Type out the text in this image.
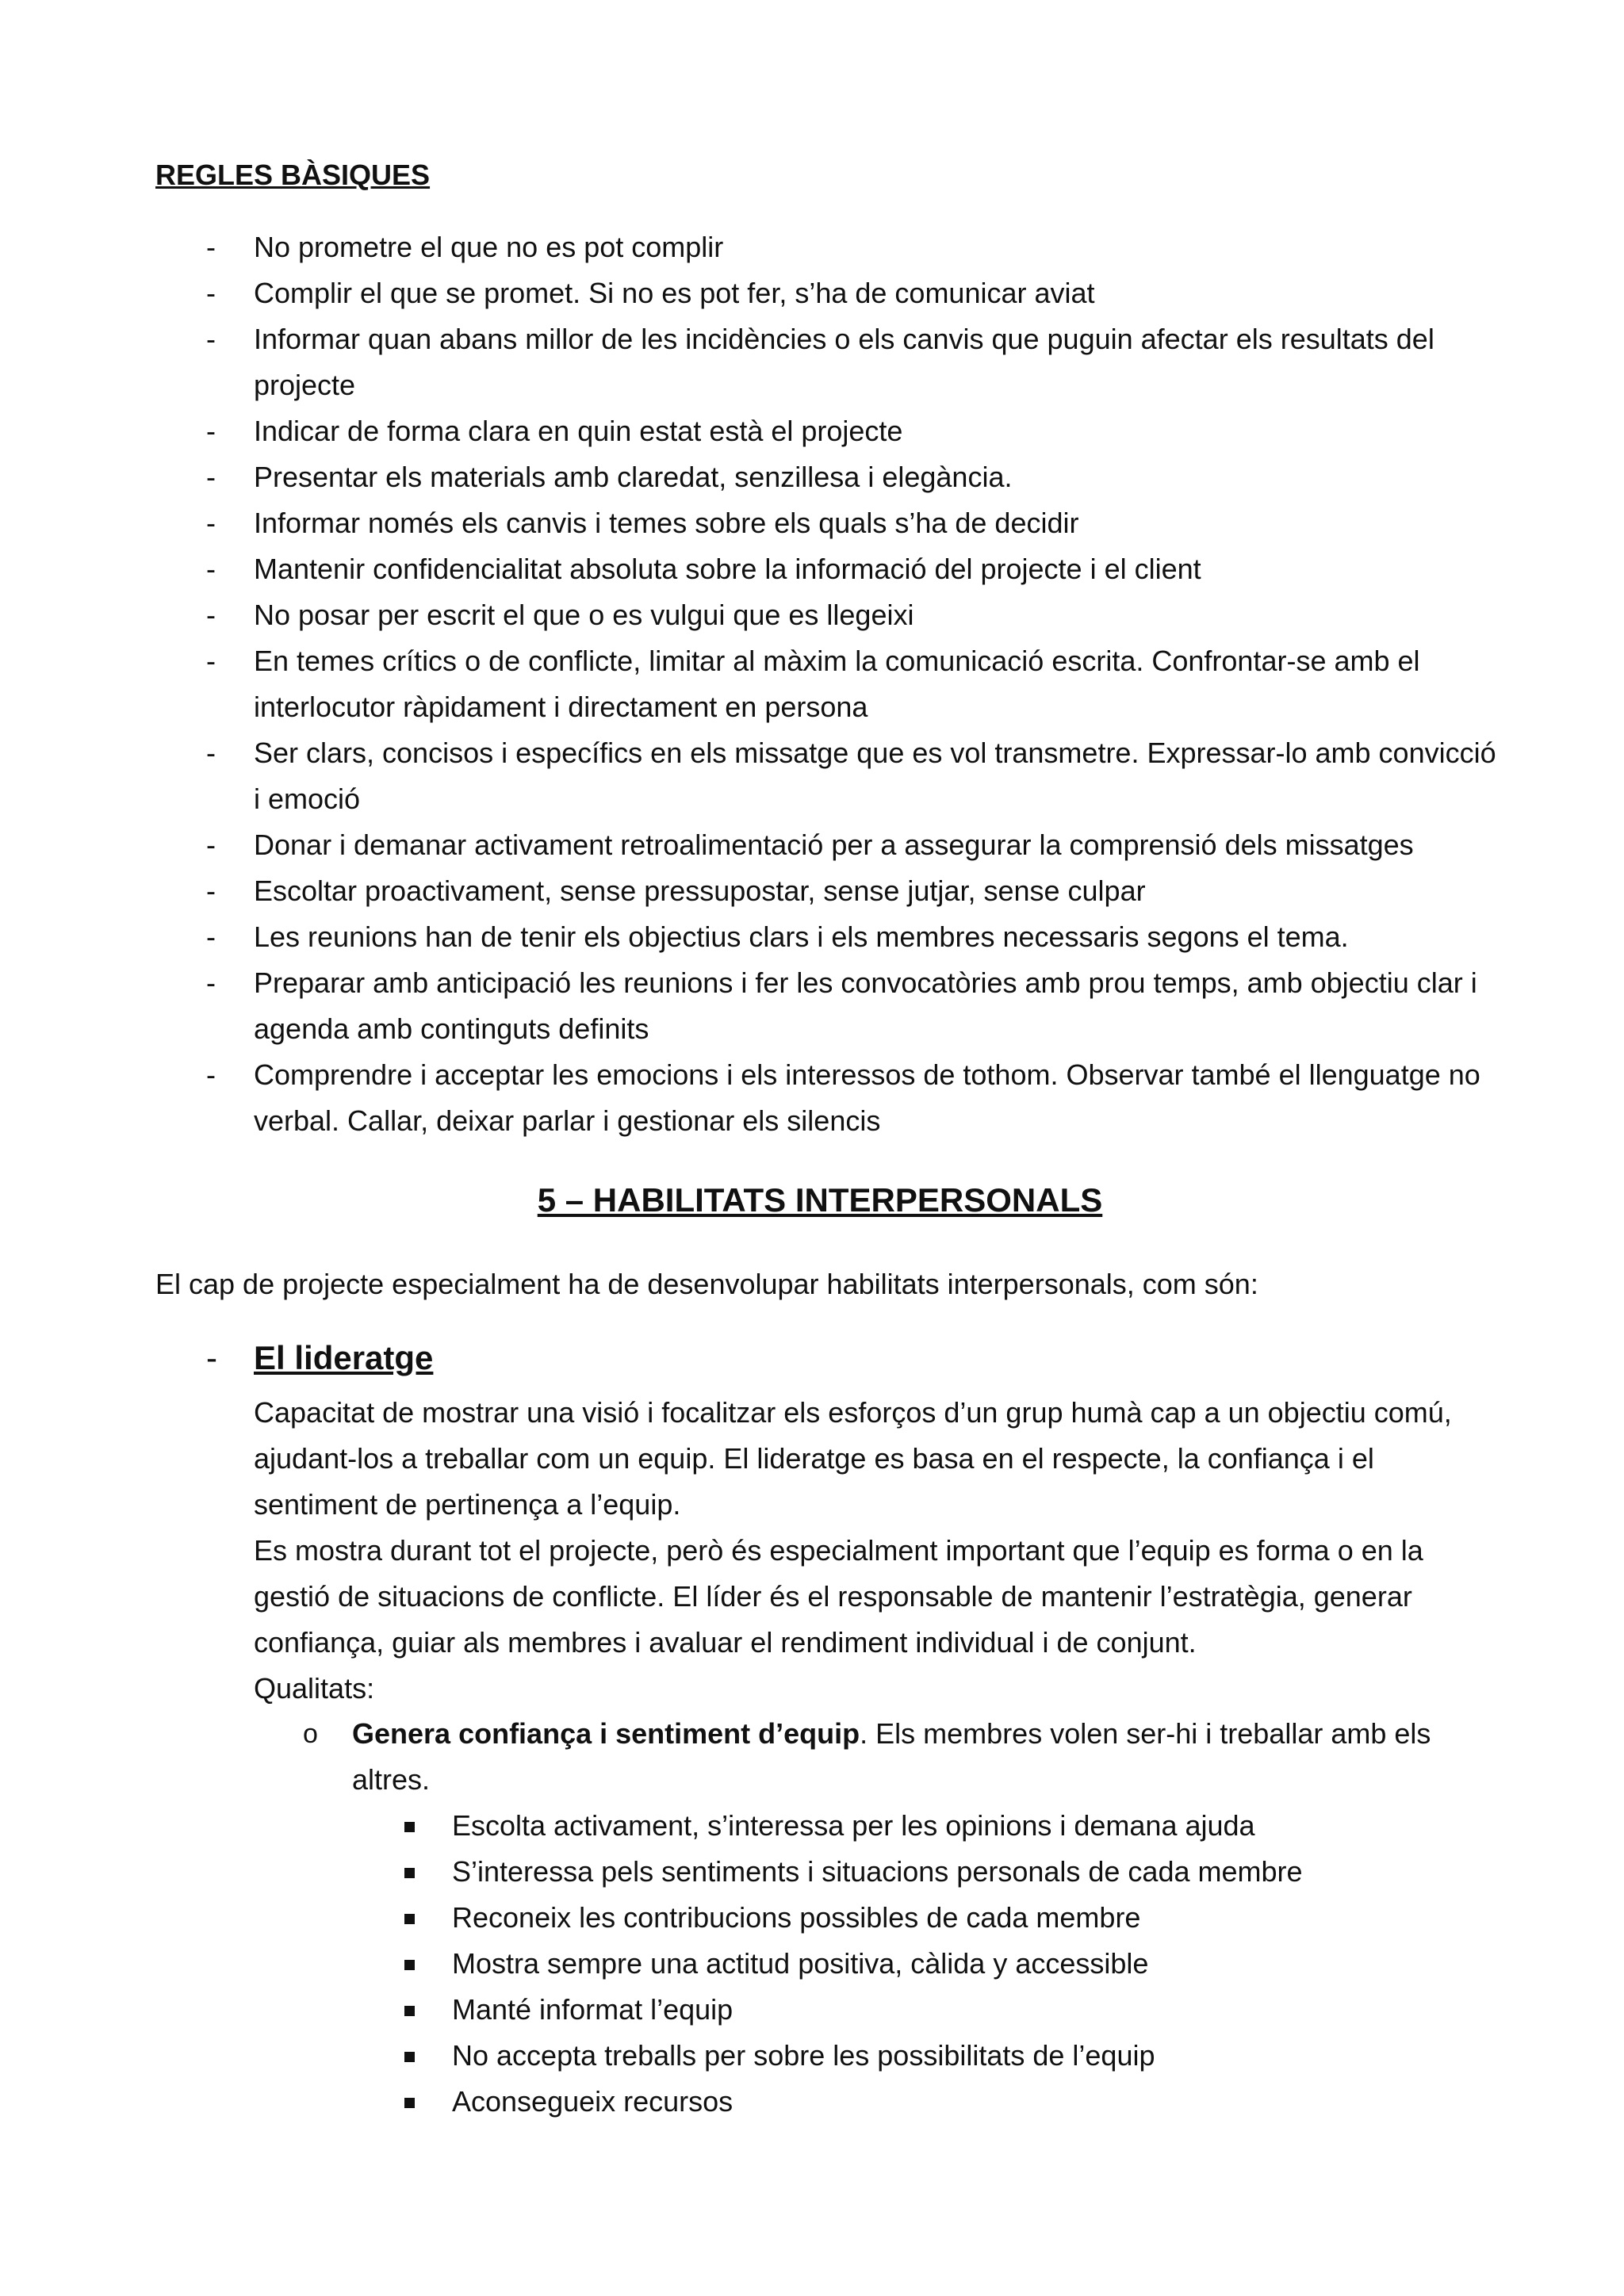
REGLES BÀSIQUES
- No prometre el que no es pot complir
- Complir el que se promet. Si no es pot fer, s’ha de comunicar aviat
- Informar quan abans millor de les incidències o els canvis que puguin afectar els resultats del projecte
- Indicar de forma clara en quin estat està el projecte
- Presentar els materials amb claredat, senzillesa i elegància.
- Informar només els canvis i temes sobre els quals s’ha de decidir
- Mantenir confidencialitat absoluta sobre la informació del projecte i el client
- No posar per escrit el que o es vulgui que es llegeixi
- En temes crítics o de conflicte, limitar al màxim la comunicació escrita. Confrontar-se amb el interlocutor ràpidament i directament en persona
- Ser clars, concisos i específics en els missatge que es vol transmetre. Expressar-lo amb convicció i emoció
- Donar i demanar activament retroalimentació per a assegurar la comprensió dels missatges
- Escoltar proactivament, sense pressupostar, sense jutjar, sense culpar
- Les reunions han de tenir els objectius clars i els membres necessaris segons el tema.
- Preparar amb anticipació les reunions i fer les convocatòries amb prou temps, amb objectiu clar i agenda amb continguts definits
- Comprendre i acceptar les emocions i els interessos de tothom. Observar també el llenguatge no verbal. Callar, deixar parlar i gestionar els silencis
5 – HABILITATS INTERPERSONALS

El cap de projecte especialment ha de desenvolupar habilitats interpersonals, com són:

- El lideratge

Capacitat de mostrar una visió i focalitzar els esforços d’un grup humà cap a un objectiu comú, ajudant-los a treballar com un equip. El lideratge es basa en el respecte, la confiança i el sentiment de pertinença a l’equip.

Es mostra durant tot el projecte, però és especialment important que l’equip es forma o en la gestió de situacions de conflicte. El líder és el responsable de mantenir l’estratègia, generar confiança, guiar als membres i avaluar el rendiment individual i de conjunt.

Qualitats:

o Genera confiança i sentiment d’equip. Els membres volen ser-hi i treballar amb els altres.

Escolta activament, s’interessa per les opinions i demana ajuda
S’interessa pels sentiments i situacions personals de cada membre
Reconeix les contribucions possibles de cada membre
Mostra sempre una actitud positiva, càlida y accessible
Manté informat l’equip
No accepta treballs per sobre les possibilitats de l’equip
Aconsegueix recursos
